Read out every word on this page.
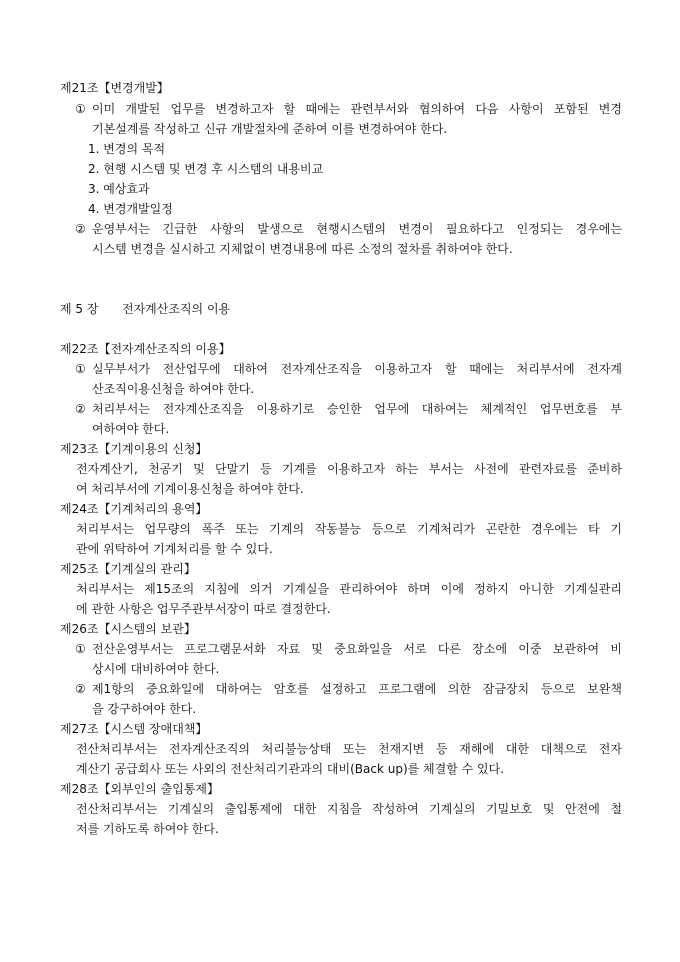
제21조【변경개발】
① 이미 개발된 업무를 변경하고자 할 때에는 관련부서와 협의하여 다음 사항이 포함된 변경
기본설계를 작성하고 신규 개발절차에 준하여 이를 변경하여야 한다.
1. 변경의 목적
2. 현행 시스템 및 변경 후 시스템의 내용비교
3. 예상효과
4. 변경개발일정
② 운영부서는 긴급한 사항의 발생으로 현행시스템의 변경이 필요하다고 인정되는 경우에는
시스템 변경을 실시하고 지체없이 변경내용에 따른 소정의 절차를 취하여야 한다.
제 5 장 전자계산조직의 이용
제22조【전자계산조직의 이용】
① 실무부서가 전산업무에 대하여 전자계산조직을 이용하고자 할 때에는 처리부서에 전자계
산조직이용신청을 하여야 한다.
② 처리부서는 전자계산조직을 이용하기로 승인한 업무에 대하여는 체계적인 업무번호를 부
여하여야 한다.
제23조【기계이용의 신청】
전자계산기, 천공기 및 단말기 등 기계를 이용하고자 하는 부서는 사전에 관련자료를 준비하
여 처리부서에 기계이용신청을 하여야 한다.
제24조【기계처리의 용역】
처리부서는 업무량의 폭주 또는 기계의 작동불능 등으로 기계처리가 곤란한 경우에는 타 기
관에 위탁하여 기계처리를 할 수 있다.
제25조【기계실의 관리】
처리부서는 제15조의 지침에 의거 기계실을 관리하여야 하며 이에 정하지 아니한 기계실관리
에 관한 사항은 업무주관부서장이 따로 결정한다.
제26조【시스템의 보관】
① 전산운영부서는 프로그램문서화 자료 및 중요화일을 서로 다른 장소에 이중 보관하여 비
상시에 대비하여야 한다.
② 제1항의 중요화일에 대하여는 암호를 설정하고 프로그램에 의한 잠금장치 등으로 보완책
을 강구하여야 한다.
제27조【시스템 장애대책】
전산처리부서는 전자계산조직의 처리불능상태 또는 천재지변 등 재해에 대한 대책으로 전자
계산기 공급회사 또는 사외의 전산처리기관과의 대비(Back up)를 체결할 수 있다.
제28조【외부인의 출입통제】
전산처리부서는 기계실의 출입통제에 대한 지침을 작성하여 기계실의 기밀보호 및 안전에 철
저를 기하도록 하여야 한다.
